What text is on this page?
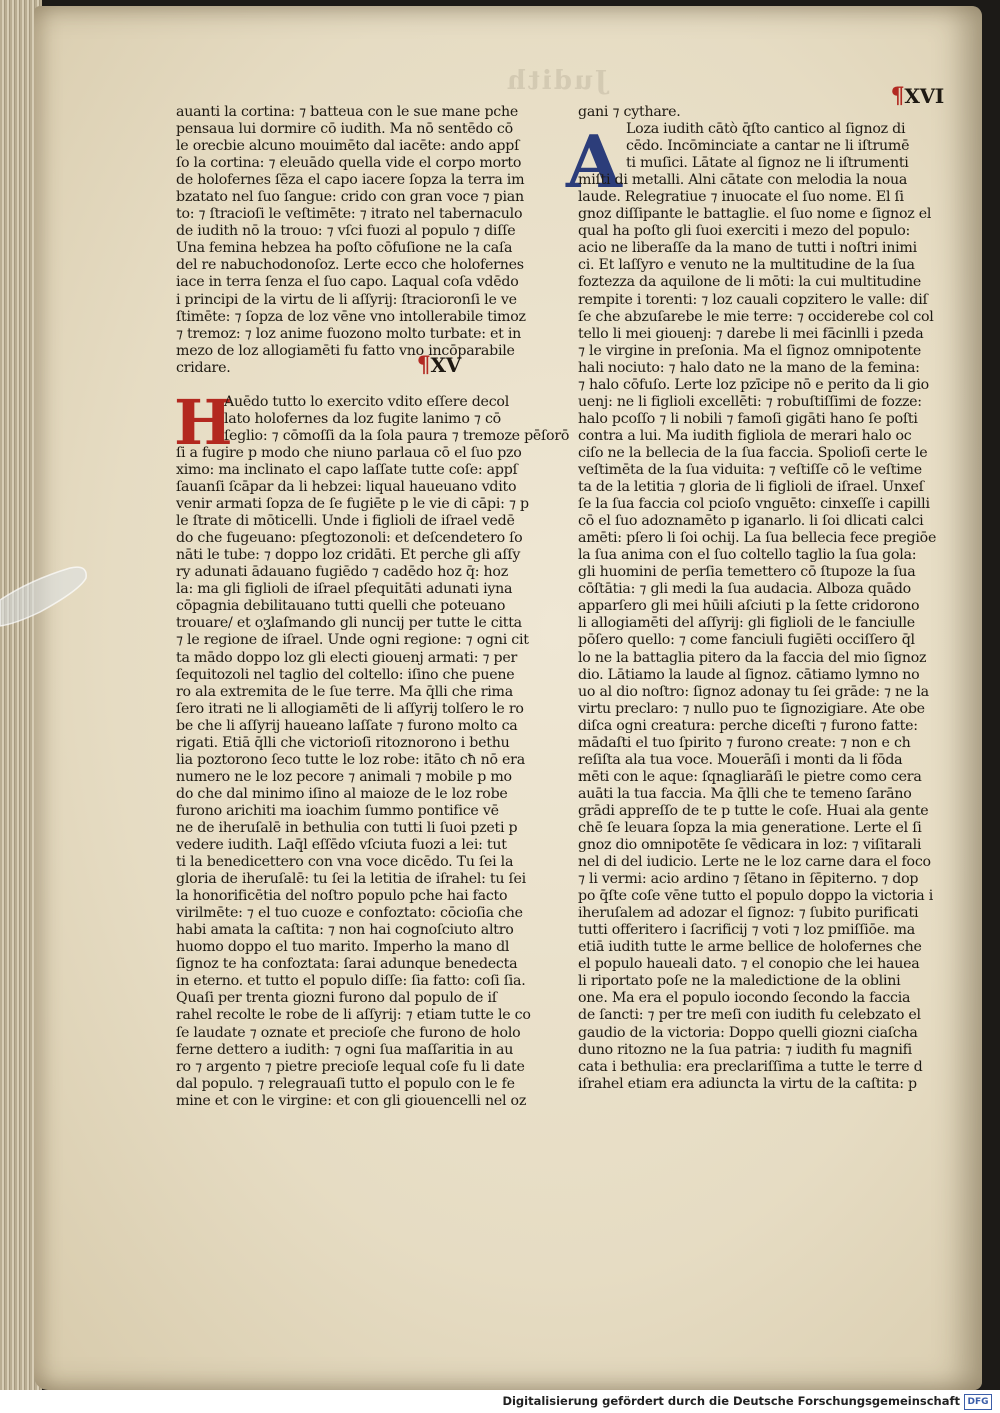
Judith
H
auanti la cortina: ⁊ batteua con le sue mane pche
pensaua lui dormire cō iudith. Ma nō sentēdo cō
le orecbie alcuno mouimēto dal iacēte: ando appſ
ſo la cortina: ⁊ eleuādo quella vide el corpo morto
de holofernes ſēza el capo iacere ſopza la terra im
bzatato nel ſuo ſangue: crido con gran voce ⁊ pian
to: ⁊ ſtracioſi le veſtimēte: ⁊ itrato nel tabernaculo
de iudith nō la trouo: ⁊ vſci fuozi al populo ⁊ diſſe
Una femina hebzea ha poſto cōfuſione ne la caſa
del re nabuchodonoſoz. Lerte ecco che holofernes
iace in terra ſenza el ſuo capo. Laqual coſa vdēdo
i principi de la virtu de li aſſyrij: ſtracioronſi le ve
ſtimēte: ⁊ ſopza de loz vēne vno intollerabile timoz
⁊ tremoz: ⁊ loz anime fuozono molto turbate: et in
mezo de loz allogiamēti fu fatto vno incōparabile
cridare.	¶XV
Auēdo tutto lo exercito vdito eſſere decol
lato holofernes da loz fugite lanimo ⁊ cō
ſeglio: ⁊ cōmoſſi da la ſola paura ⁊ tremoze pēſorō
ſi a fugire p modo che niuno parlaua cō el ſuo pzo
ximo: ma inclinato el capo laſſate tutte coſe: appſ
ſauanſi ſcāpar da li hebzei: liqual haueuano vdito
venir armati ſopza de ſe fugiēte p le vie di cāpi: ⁊ p
le ſtrate di mōticelli. Unde i figlioli de iſrael vedē
do che fugeuano: pſegtozonoli: et deſcendetero ſo
nāti le tube: ⁊ doppo loz cridāti. Et perche gli aſſy
ry adunati ādauano fugiēdo ⁊ cadēdo hoz q̄: hoz
la: ma gli figlioli de iſrael pſequitāti adunati iyna
cōpagnia debilitauano tutti quelli che poteuano
trouare/ et oʒlaſmando gli nuncij per tutte le citta
⁊ le regione de iſrael. Unde ogni regione: ⁊ ogni cit
ta mādo doppo loz gli electi giouenj armati: ⁊ per
ſequitozoli nel taglio del coltello: iſino che puene
ro ala extremita de le ſue terre. Ma q̄lli che rima
ſero itrati ne li allogiamēti de li aſſyrij tolſero le ro
be che li aſſyrij haueano laſſate ⁊ furono molto ca
rigati. Etiā q̄lli che victorioſi ritoznorono i bethu
lia poztorono ſeco tutte le loz robe: itāto cħ nō era
numero ne le loz pecore ⁊ animali ⁊ mobile p mo
do che dal minimo iſino al maioze de le loz robe
furono arichiti ma ioachim ſummo pontifice vē
ne de iheruſalē in bethulia con tutti li ſuoi pzeti p
vedere iudith. Laq̄l eſſēdo vſciuta fuozi a lei: tut
ti la benedicettero con vna voce dicēdo. Tu ſei la
gloria de iheruſalē: tu ſei la letitia de iſrahel: tu ſei
la honorificētia del noſtro populo pche hai facto
virilmēte: ⁊ el tuo cuoze e confoztato: cōcioſia che
habi amata la caſtita: ⁊ non hai cognoſciuto altro
huomo doppo el tuo marito. Imperho la mano dl
ſignoz te ha confoztata: ſarai adunque benedecta
in eterno. et tutto el populo diſſe: ſia fatto: coſi ſia.
Quaſi per trenta giozni furono dal populo de iſ
rahel recolte le robe de li aſſyrij: ⁊ etiam tutte le co
ſe laudate ⁊ oznate et precioſe che furono de holo
ferne dettero a iudith: ⁊ ogni ſua maſſaritia in au
ro ⁊ argento ⁊ pietre precioſe lequal coſe fu li date
dal populo. ⁊ relegrauaſi tutto el populo con le fe
mine et con le virgine: et con gli giouencelli nel oz
A
gani ⁊ cythare.
¶XVI
Loza iudith cātò q̄ſto cantico al ſignoz di
cēdo. Incōminciate a cantar ne li iſtrumē
ti muſici. Lātate al ſignoz ne li iſtrumenti
miſti di metalli. Alni cātate con melodia la noua
laude. Relegratiue ⁊ inuocate el ſuo nome. El ſi
gnoz diſſipante le battaglie. el ſuo nome e ſignoz el
qual ha poſto gli ſuoi exerciti i mezo del populo:
acio ne liberaſſe da la mano de tutti i noſtri inimi
ci. Et laſſyro e venuto ne la multitudine de la ſua
foztezza da aquilone de li mōti: la cui multitudine
rempite i torenti: ⁊ loz cauali copzitero le valle: diſ
ſe che abzuſarebe le mie terre: ⁊ occiderebe col col
tello li mei giouenj: ⁊ darebe li mei fācinlli i pzeda
⁊ le virgine in preſonia. Ma el ſignoz omnipotente
hali nociuto: ⁊ halo dato ne la mano de la femina:
⁊ halo cōfuſo. Lerte loz pzīcipe nō e perito da li gio
uenj: ne li figlioli excellēti: ⁊ robuſtiſſimi de fozze:
halo pcoſſo ⁊ li nobili ⁊ famoſi gigāti hano ſe poſti
contra a lui. Ma iudith figliola de merari halo oc
ciſo ne la bellecia de la ſua faccia. Spolioſi certe le
veſtimēta de la ſua viduita: ⁊ veſtiſſe cō le veſtime
ta de la letitia ⁊ gloria de li figlioli de iſrael. Unxeſ
ſe la ſua faccia col pcioſo vnguēto: cinxeſſe i capilli
cō el ſuo adoznamēto p iganarlo. li ſoi dlicati calci
amēti: pſero li ſoi ochij. La ſua bellecia fece pregiōe
la ſua anima con el ſuo coltello taglio la ſua gola:
gli huomini de perſia temettero cō ſtupoze la ſua
cōſtātia: ⁊ gli medi la ſua audacia. Alboza quādo
apparſero gli mei hūili aſciuti p la ſette cridorono
li allogiamēti del aſſyrij: gli figlioli de le fanciulle
pōſero quello: ⁊ come fanciuli fugiēti occiſſero q̄l
lo ne la battaglia pitero da la faccia del mio ſignoz
dio. Lātiamo la laude al ſignoz. cātiamo lymno no
uo al dio noſtro: ſignoz adonay tu ſei grāde: ⁊ ne la
virtu preclaro: ⁊ nullo puo te ſignozigiare. Ate obe
diſca ogni creatura: perche diceſti ⁊ furono fatte:
mādaſti el tuo ſpirito ⁊ furono create: ⁊ non e ch
reſiſta ala tua voce. Mouerāſi i monti da li fōda
mēti con le aque: ſqnagliarāſi le pietre como cera
auāti la tua faccia. Ma q̄lli che te temeno ſarāno
grādi appreſſo de te p tutte le coſe. Huai ala gente
chē ſe leuara ſopza la mia generatione. Lerte el ſi
gnoz dio omnipotēte ſe vēdicara in loz: ⁊ viſitarali
nel di del iudicio. Lerte ne le loz carne dara el foco
⁊ li vermi: acio ardino ⁊ ſētano in ſēpiterno. ⁊ dop
po q̄ſte coſe vēne tutto el populo doppo la victoria i
iheruſalem ad adozar el ſignoz: ⁊ ſubito purificati
tutti offeritero i ſacrificij ⁊ voti ⁊ loz pmiſſiōe. ma
etiā iudith tutte le arme bellice de holofernes che
el populo haueali dato. ⁊ el conopio che lei hauea
li riportato poſe ne la maledictione de la oblini
one. Ma era el populo iocondo ſecondo la faccia
de ſancti: ⁊ per tre meſi con iudith fu celebzato el
gaudio de la victoria: Doppo quelli giozni ciaſcha
duno ritozno ne la ſua patria: ⁊ iudith fu magnifi
cata i bethulia: era preclariſſima a tutte le terre d
iſrahel etiam era adiuncta la virtu de la caſtita: p
Digitalisierung gefördert durch die Deutsche Forschungsgemeinschaft DFG
